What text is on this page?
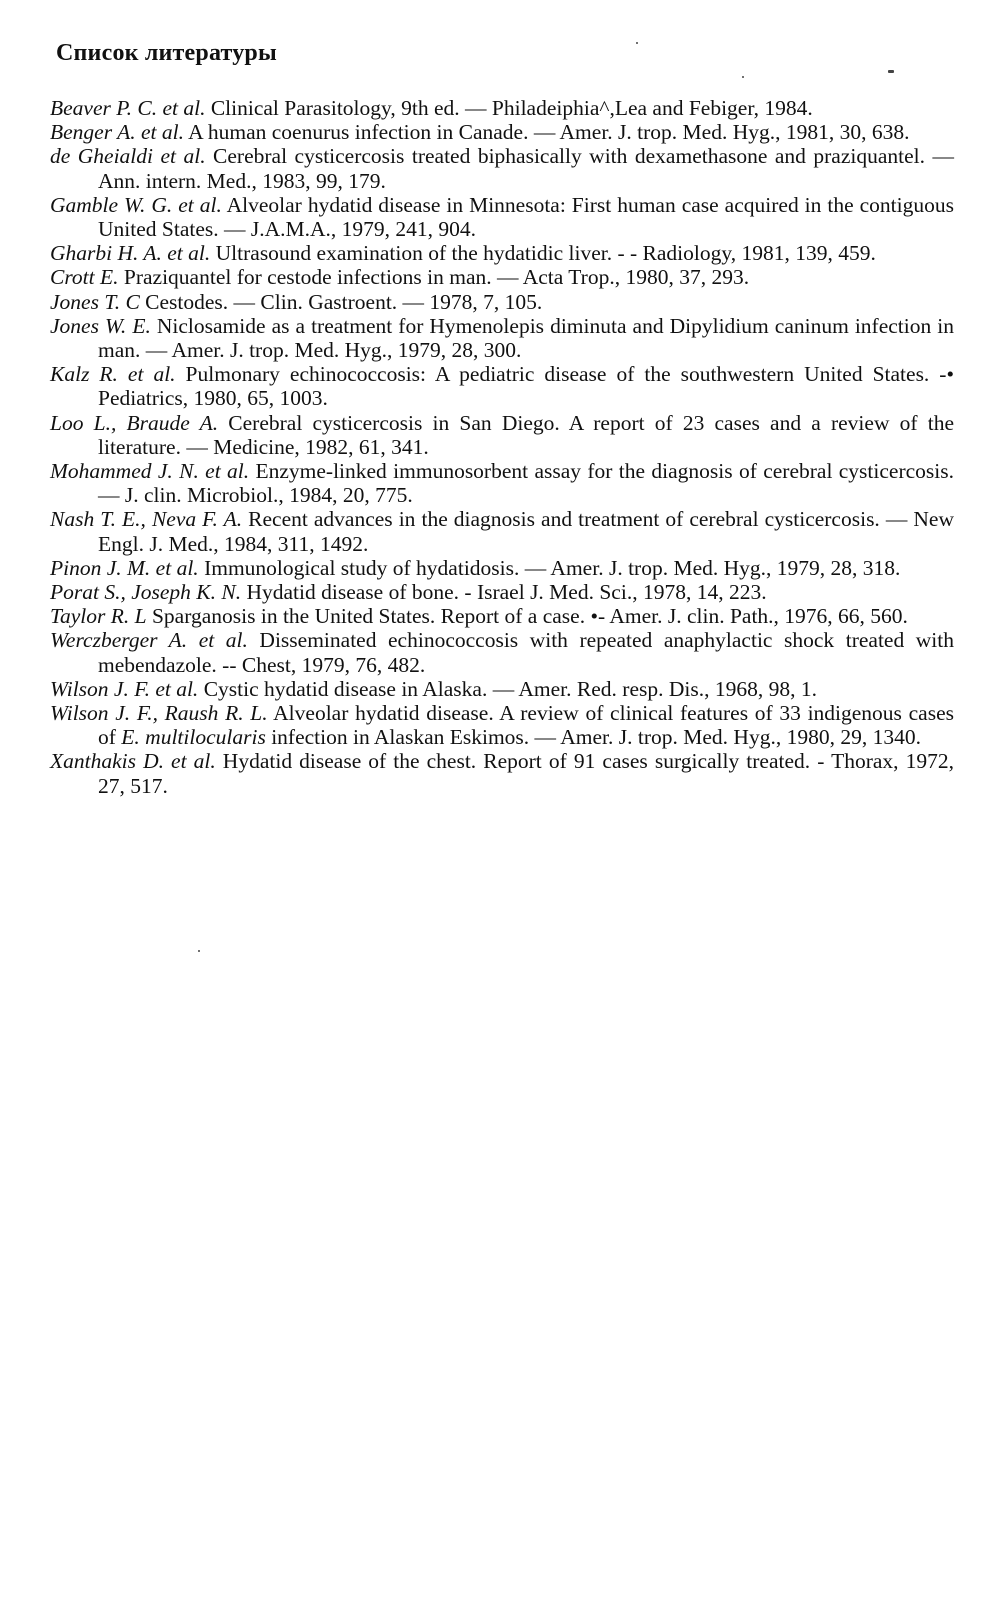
Список литературы
Beaver P. C. et al. Clinical Parasitology, 9th ed. — Philadeiphia^,Lea and Febiger, 1984.
Benger A. et al. A human coenurus infection in Canade. — Amer. J. trop. Med. Hyg., 1981, 30, 638.
de Gheialdi et al. Cerebral cysticercosis treated biphasically with dexamethasone and praziquantel. — Ann. intern. Med., 1983, 99, 179.
Gamble W. G. et al. Alveolar hydatid disease in Minnesota: First human case acquired in the contiguous United States. — J.A.M.A., 1979, 241, 904.
Gharbi H. A. et al. Ultrasound examination of the hydatidic liver. - - Radiology, 1981, 139, 459.
Crott E. Praziquantel for cestode infections in man. — Acta Trop., 1980, 37, 293.
Jones T. C Cestodes. — Clin. Gastroent. — 1978, 7, 105.
Jones W. E. Niclosamide as a treatment for Hymenolepis diminuta and Dipylidium caninum infection in man. — Amer. J. trop. Med. Hyg., 1979, 28, 300.
Kalz R. et al. Pulmonary echinococcosis: A pediatric disease of the southwestern United States. -• Pediatrics, 1980, 65, 1003.
Loo L., Braude A. Cerebral cysticercosis in San Diego. A report of 23 cases and a review of the literature. — Medicine, 1982, 61, 341.
Mohammed J. N. et al. Enzyme-linked immunosorbent assay for the diagnosis of cerebral cysticercosis. — J. clin. Microbiol., 1984, 20, 775.
Nash T. E., Neva F. A. Recent advances in the diagnosis and treatment of cerebral cysticercosis. — New Engl. J. Med., 1984, 311, 1492.
Pinon J. M. et al. Immunological study of hydatidosis. — Amer. J. trop. Med. Hyg., 1979, 28, 318.
Porat S., Joseph K. N. Hydatid disease of bone. - Israel J. Med. Sci., 1978, 14, 223.
Taylor R. L Sparganosis in the United States. Report of a case. •- Amer. J. clin. Path., 1976, 66, 560.
Werczberger A. et al. Disseminated echinococcosis with repeated anaphylactic shock treated with mebendazole. -- Chest, 1979, 76, 482.
Wilson J. F. et al. Cystic hydatid disease in Alaska. — Amer. Red. resp. Dis., 1968, 98, 1.
Wilson J. F., Raush R. L. Alveolar hydatid disease. A review of clinical features of 33 indigenous cases of E. multilocularis infection in Alaskan Eskimos. — Amer. J. trop. Med. Hyg., 1980, 29, 1340.
Xanthakis D. et al. Hydatid disease of the chest. Report of 91 cases surgically treated. - Thorax, 1972, 27, 517.
